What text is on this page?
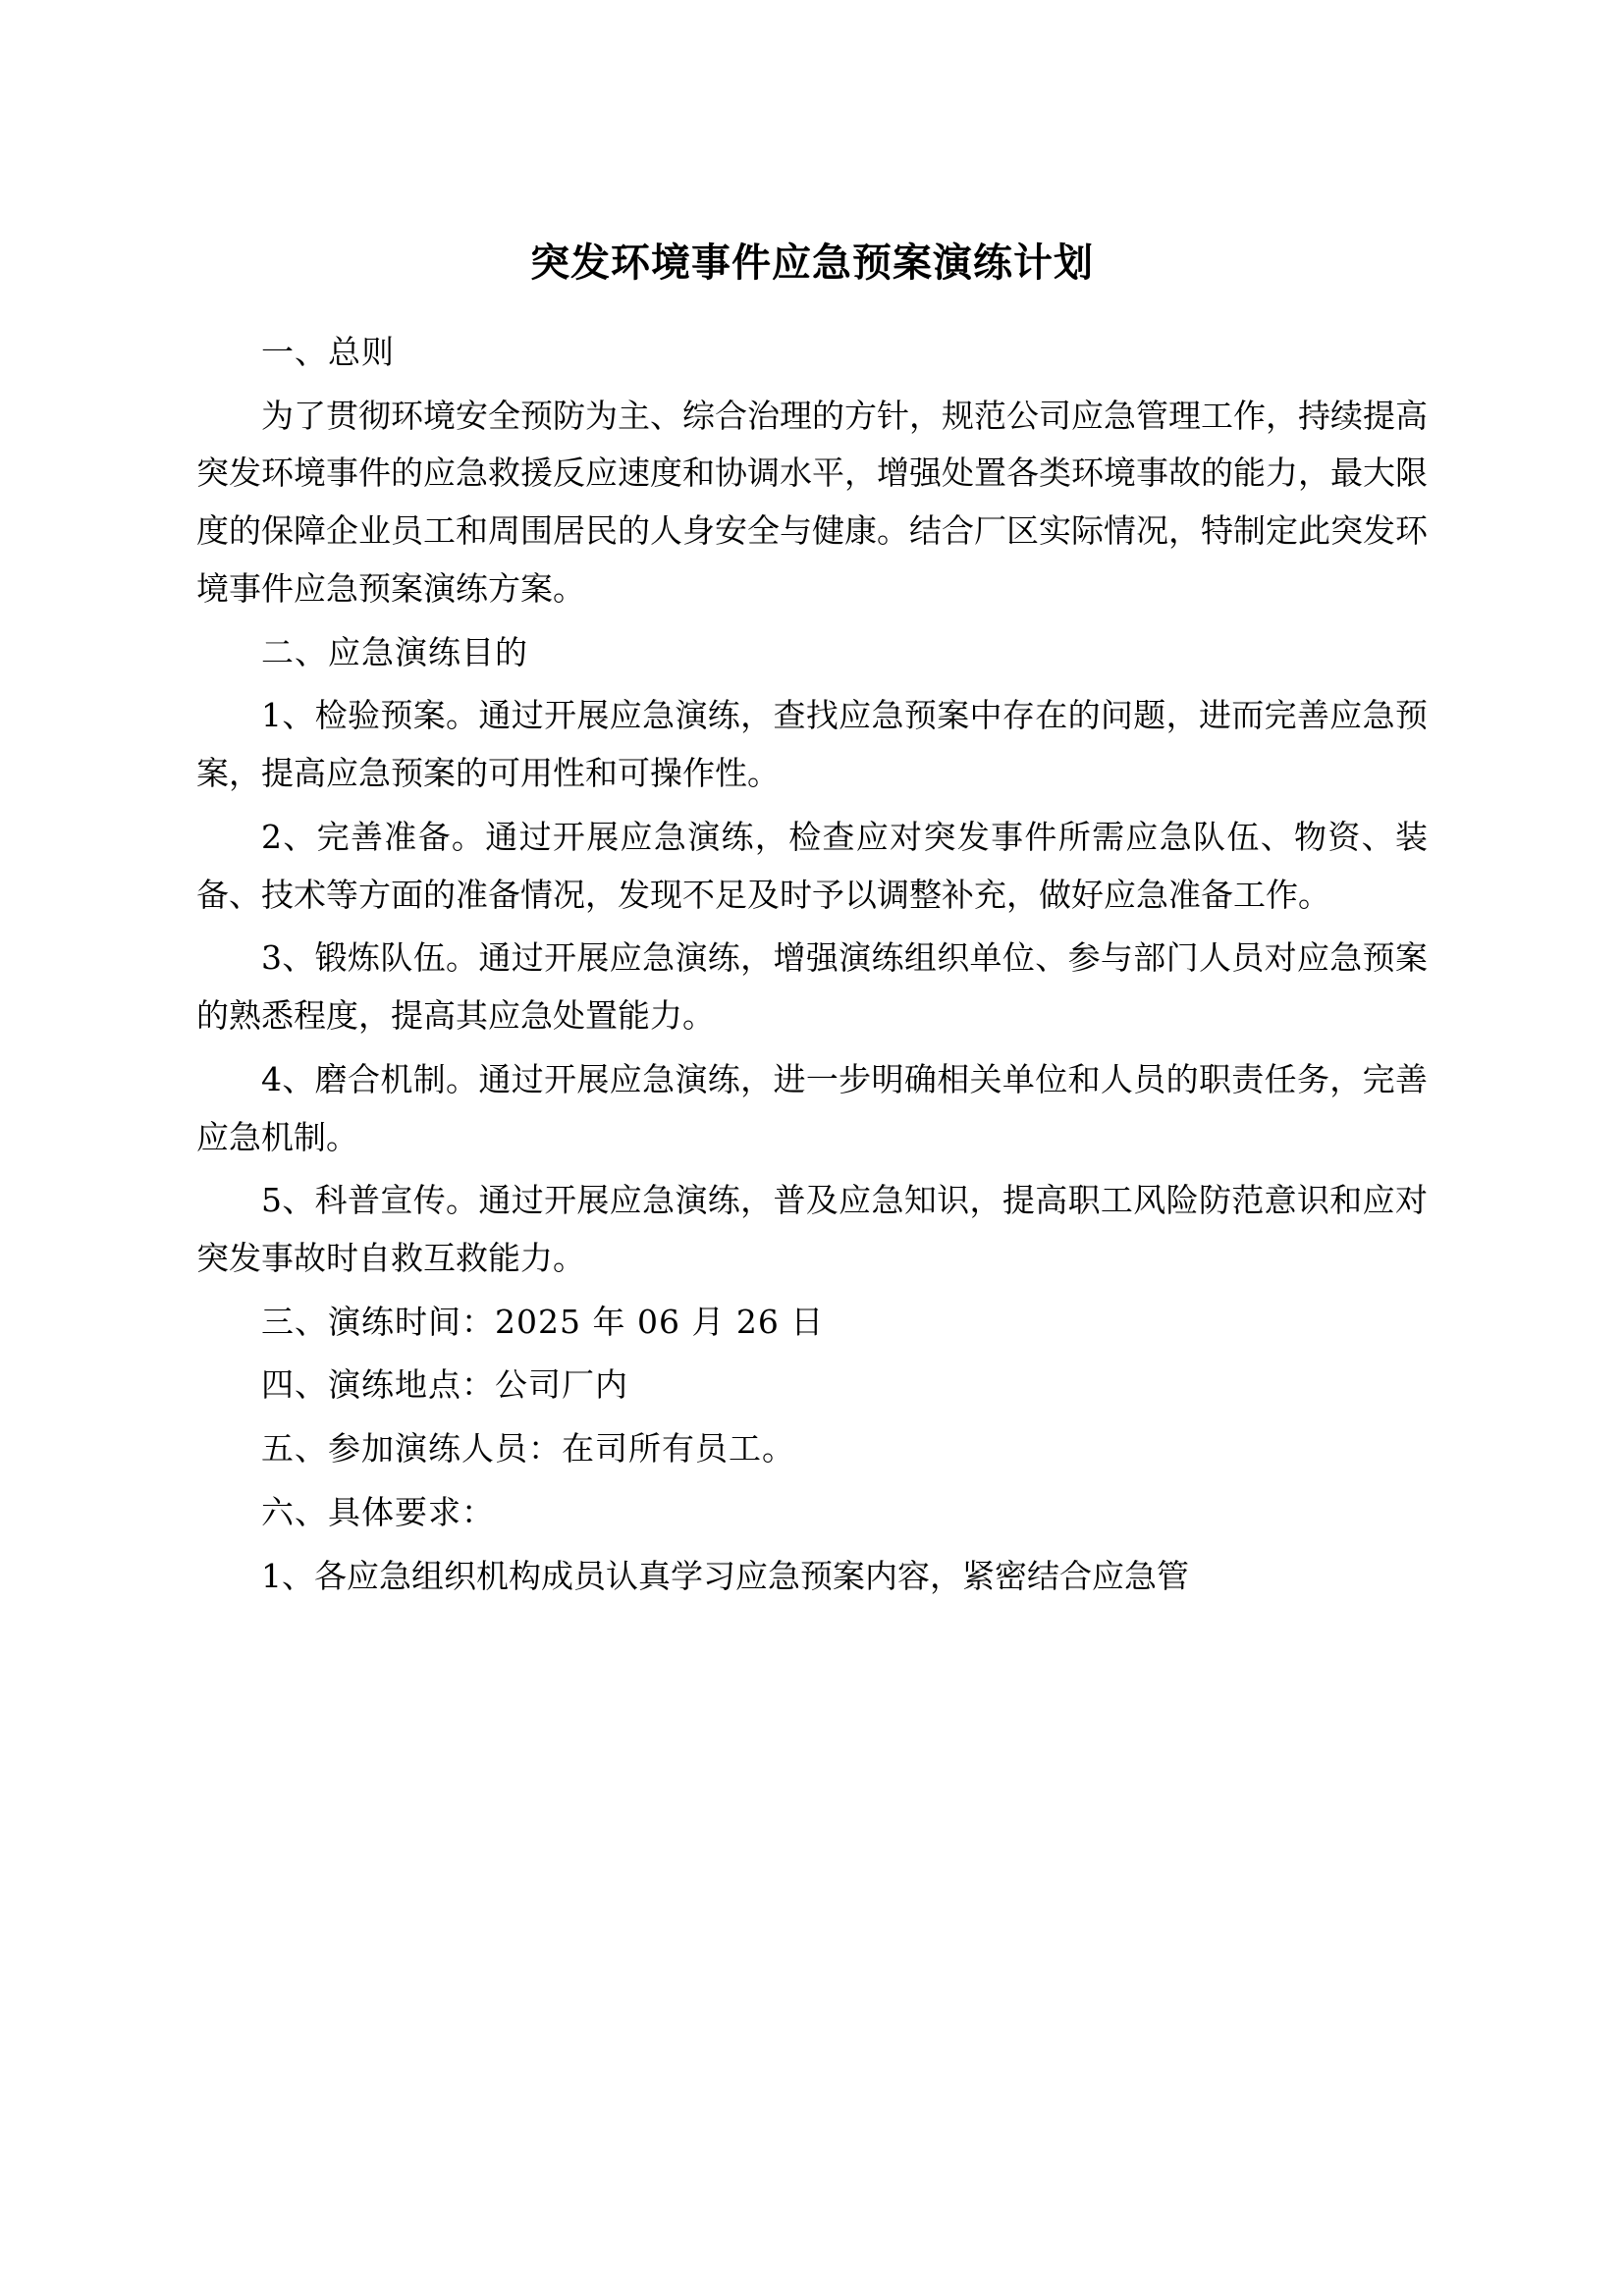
突发环境事件应急预案演练计划

一、总则

为了贯彻环境安全预防为主、综合治理的方针，规范公司应急管理工作，持续提高突发环境事件的应急救援反应速度和协调水平，增强处置各类环境事故的能力，最大限度的保障企业员工和周围居民的人身安全与健康。结合厂区实际情况，特制定此突发环境事件应急预案演练方案。

二、应急演练目的

1、检验预案。通过开展应急演练，查找应急预案中存在的问题，进而完善应急预案，提高应急预案的可用性和可操作性。

2、完善准备。通过开展应急演练，检查应对突发事件所需应急队伍、物资、装备、技术等方面的准备情况，发现不足及时予以调整补充，做好应急准备工作。

3、锻炼队伍。通过开展应急演练，增强演练组织单位、参与部门人员对应急预案的熟悉程度，提高其应急处置能力。

4、磨合机制。通过开展应急演练，进一步明确相关单位和人员的职责任务，完善应急机制。

5、科普宣传。通过开展应急演练，普及应急知识，提高职工风险防范意识和应对突发事故时自救互救能力。

三、演练时间：2025 年 06 月 26 日

四、演练地点：公司厂内

五、参加演练人员：在司所有员工。

六、具体要求：

1、各应急组织机构成员认真学习应急预案内容，紧密结合应急管
